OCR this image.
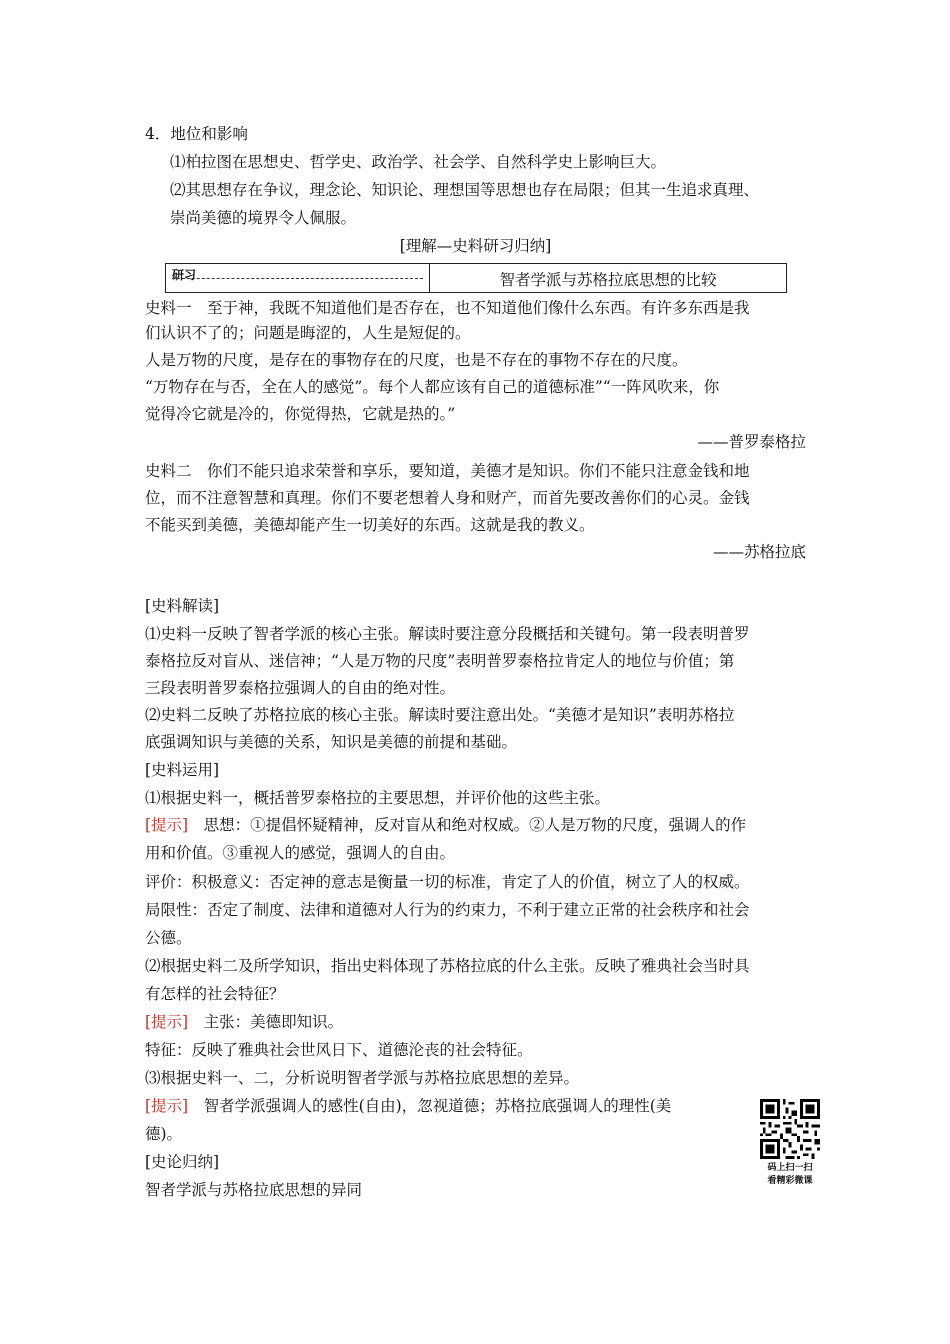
4．地位和影响
⑴柏拉图在思想史、哲学史、政治学、社会学、自然科学史上影响巨大。
⑵其思想存在争议，理念论、知识论、理想国等思想也存在局限；但其一生追求真理、
崇尚美德的境界令人佩服。
[理解—史料研习归纳]
研习	智者学派与苏格拉底思想的比较
史料一　至于神，我既不知道他们是否存在，也不知道他们像什么东西。有许多东西是我
们认识不了的；问题是晦涩的，人生是短促的。
人是万物的尺度，是存在的事物存在的尺度，也是不存在的事物不存在的尺度。
“万物存在与否，全在人的感觉”。每个人都应该有自己的道德标准”“一阵风吹来，你
觉得冷它就是冷的，你觉得热，它就是热的。”
——普罗泰格拉
史料二　你们不能只追求荣誉和享乐，要知道，美德才是知识。你们不能只注意金钱和地
位，而不注意智慧和真理。你们不要老想着人身和财产，而首先要改善你们的心灵。金钱
不能买到美德，美德却能产生一切美好的东西。这就是我的教义。
——苏格拉底
[史料解读]
⑴史料一反映了智者学派的核心主张。解读时要注意分段概括和关键句。第一段表明普罗
泰格拉反对盲从、迷信神；“人是万物的尺度”表明普罗泰格拉肯定人的地位与价值；第
三段表明普罗泰格拉强调人的自由的绝对性。
⑵史料二反映了苏格拉底的核心主张。解读时要注意出处。“美德才是知识”表明苏格拉
底强调知识与美德的关系，知识是美德的前提和基础。
[史料运用]
⑴根据史料一，概括普罗泰格拉的主要思想，并评价他的这些主张。
[提示]　思想：①提倡怀疑精神，反对盲从和绝对权威。②人是万物的尺度，强调人的作
用和价值。③重视人的感觉，强调人的自由。
评价：积极意义：否定神的意志是衡量一切的标准，肯定了人的价值，树立了人的权威。
局限性：否定了制度、法律和道德对人行为的约束力，不利于建立正常的社会秩序和社会
公德。
⑵根据史料二及所学知识，指出史料体现了苏格拉底的什么主张。反映了雅典社会当时具
有怎样的社会特征？
[提示]　主张：美德即知识。
特征：反映了雅典社会世风日下、道德沦丧的社会特征。
⑶根据史料一、二，分析说明智者学派与苏格拉底思想的差异。
[提示]　智者学派强调人的感性(自由)，忽视道德；苏格拉底强调人的理性(美
德)。
[史论归纳]
智者学派与苏格拉底思想的异同
码上扫一扫
看精彩微课
